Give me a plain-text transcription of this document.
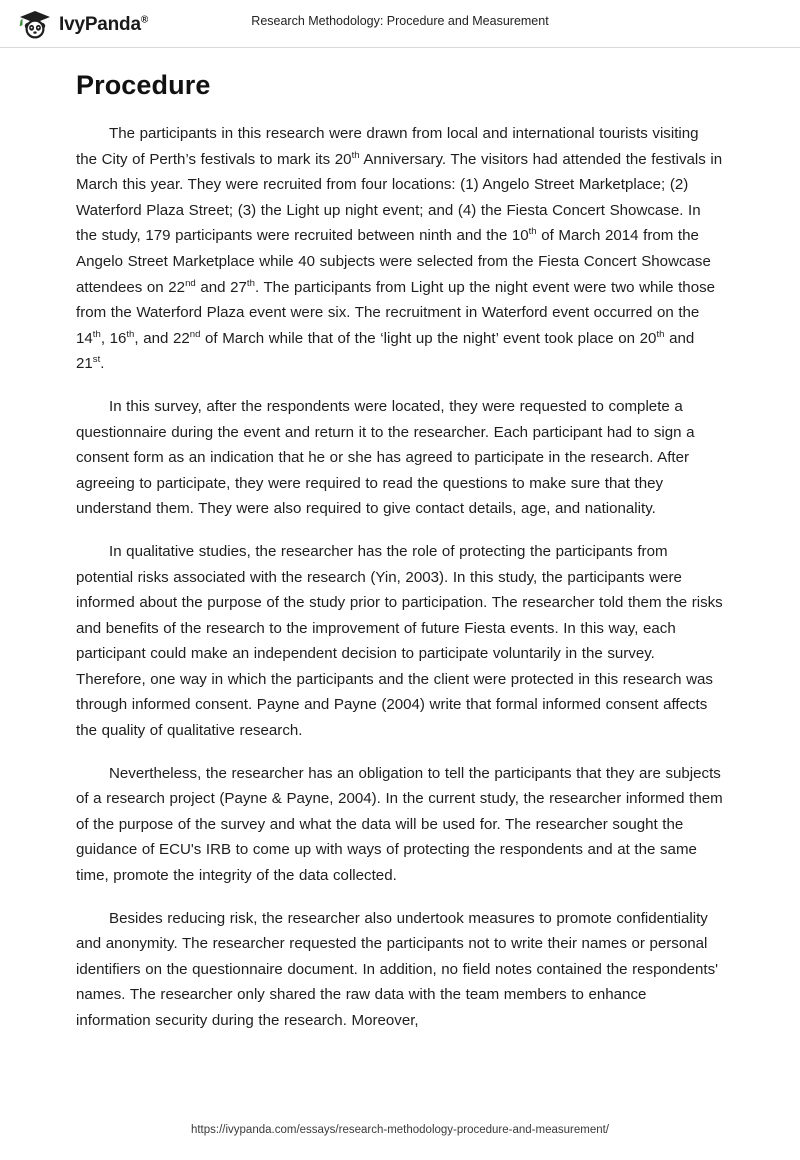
IvyPanda®	Research Methodology: Procedure and Measurement
Procedure

The participants in this research were drawn from local and international tourists visiting the City of Perth’s festivals to mark its 20th Anniversary. The visitors had attended the festivals in March this year. They were recruited from four locations: (1) Angelo Street Marketplace; (2) Waterford Plaza Street; (3) the Light up night event; and (4) the Fiesta Concert Showcase. In the study, 179 participants were recruited between ninth and the 10th of March 2014 from the Angelo Street Marketplace while 40 subjects were selected from the Fiesta Concert Showcase attendees on 22nd and 27th. The participants from Light up the night event were two while those from the Waterford Plaza event were six. The recruitment in Waterford event occurred on the 14th, 16th, and 22nd of March while that of the ‘light up the night’ event took place on 20th and 21st.

In this survey, after the respondents were located, they were requested to complete a questionnaire during the event and return it to the researcher. Each participant had to sign a consent form as an indication that he or she has agreed to participate in the research. After agreeing to participate, they were required to read the questions to make sure that they understand them. They were also required to give contact details, age, and nationality.

In qualitative studies, the researcher has the role of protecting the participants from potential risks associated with the research (Yin, 2003). In this study, the participants were informed about the purpose of the study prior to participation. The researcher told them the risks and benefits of the research to the improvement of future Fiesta events. In this way, each participant could make an independent decision to participate voluntarily in the survey. Therefore, one way in which the participants and the client were protected in this research was through informed consent. Payne and Payne (2004) write that formal informed consent affects the quality of qualitative research.

Nevertheless, the researcher has an obligation to tell the participants that they are subjects of a research project (Payne & Payne, 2004). In the current study, the researcher informed them of the purpose of the survey and what the data will be used for. The researcher sought the guidance of ECU's IRB to come up with ways of protecting the respondents and at the same time, promote the integrity of the data collected.

Besides reducing risk, the researcher also undertook measures to promote confidentiality and anonymity. The researcher requested the participants not to write their names or personal identifiers on the questionnaire document. In addition, no field notes contained the respondents' names. The researcher only shared the raw data with the team members to enhance information security during the research. Moreover,

https://ivypanda.com/essays/research-methodology-procedure-and-measurement/
